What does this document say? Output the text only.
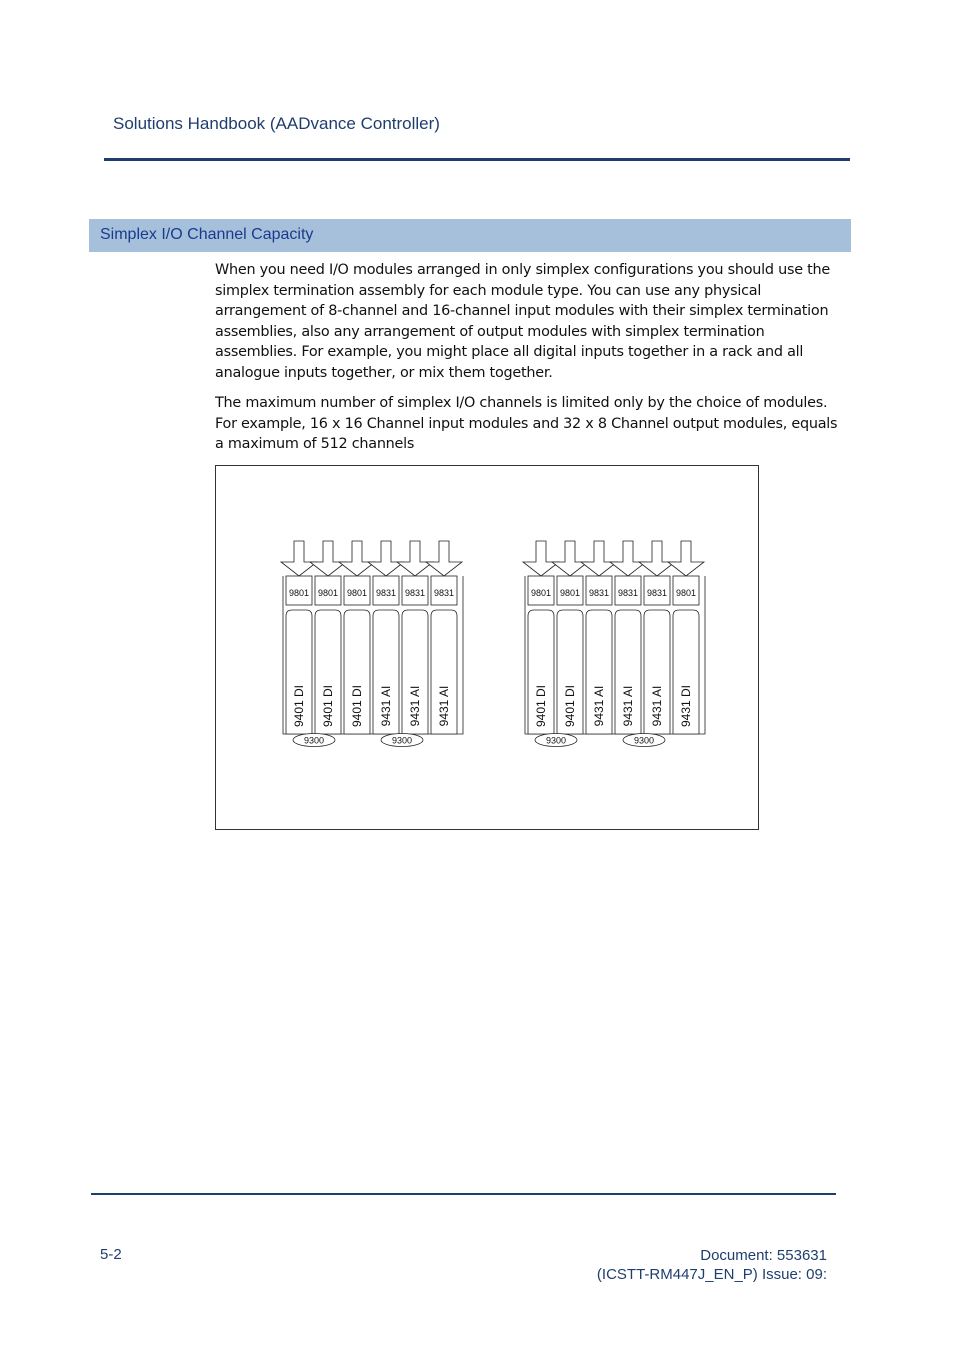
Solutions Handbook (AADvance Controller)
Simplex I/O Channel Capacity

When you need I/O modules arranged in only simplex configurations you should use the simplex termination assembly for each module type. You can use any physical arrangement of 8-channel and 16-channel input modules with their simplex termination assemblies, also any arrangement of output modules with simplex termination assemblies. For example, you might place all digital inputs together in a rack and all analogue inputs together, or mix them together.

The maximum number of simplex I/O channels is limited only by the choice of modules. For example, 16 x 16 Channel input modules and 32 x 8 Channel output modules, equals a maximum of 512 channels

9801 9801 9801 9831 9831 9831
9401 DI 9401 DI 9401 DI 9431 AI 9431 AI 9431 AI
9300	9300
9801 9801 9831 9831 9831 9801
9401 DI 9401 DI 9431 AI 9431 AI 9431 AI 9431 DI
9300	9300
5-2	Document: 553631
(ICSTT-RM447J_EN_P) Issue: 09:
